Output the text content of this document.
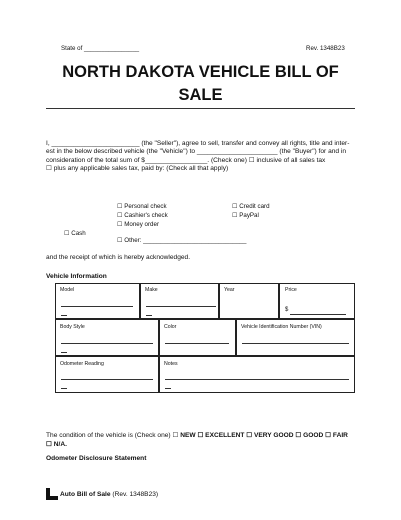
State of ________________	Rev. 1348B23
NORTH DAKOTA VEHICLE BILL OF
SALE
I, ________________________ (the "Seller"), agree to sell, transfer and convey all rights, title and inter-
est in the below described vehicle (the "Vehicle") to ______________________ (the "Buyer") for and in
consideration of the total sum of $_________________. (Check one) ☐ inclusive of all sales tax
☐ plus any applicable sales tax, paid by: (Check all that apply)
☐ Personal check
☐ Cashier's check
☐ Money order
☐ Credit card
☐ PayPal
☐ Cash
☐ Other: ______________________________
and the receipt of which is hereby acknowledged.
Vehicle Information
Model	Make	Year	Price
$
Body Style	Color	Vehicle Identification Number (VIN)
Odometer Reading	Notes
The condition of the vehicle is (Check one) ☐ NEW ☐ EXCELLENT ☐ VERY GOOD ☐ GOOD ☐ FAIR
☐ N/A.
Odometer Disclosure Statement
Auto Bill of Sale (Rev. 1348B23)
